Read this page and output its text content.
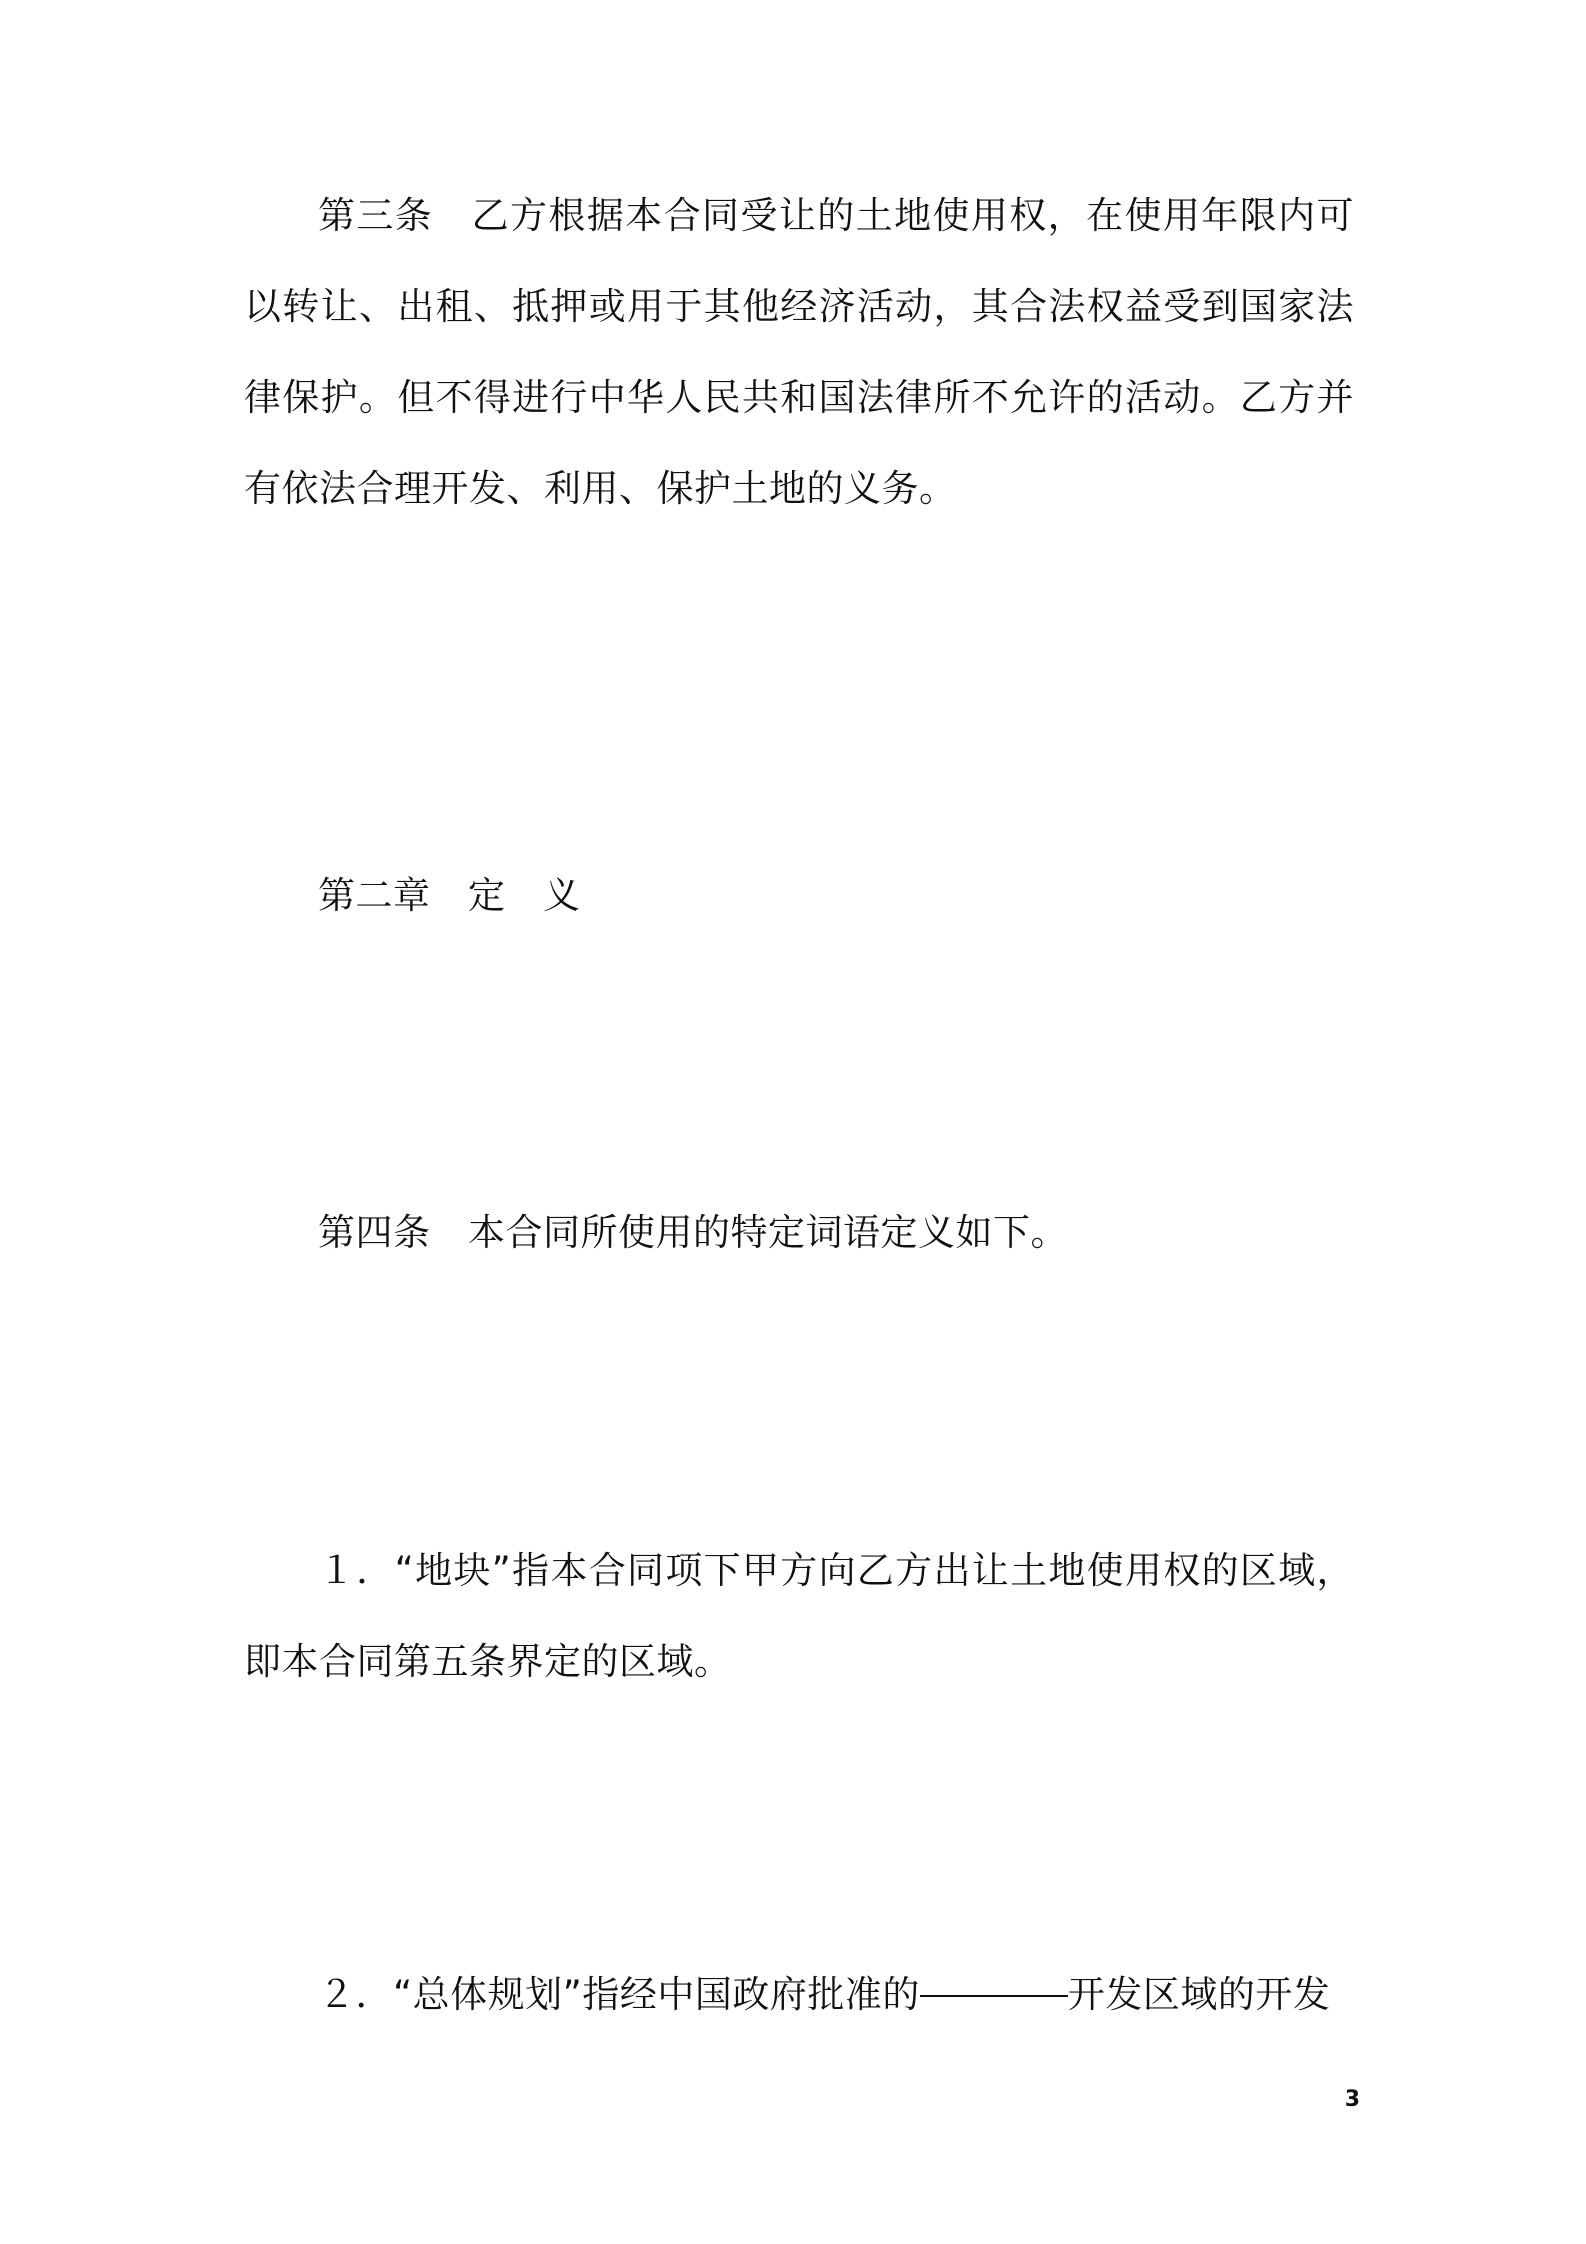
第三条　 乙方根据本合同受让的土地使用权，在使用年限内可以转让、出租、抵押或用于其他经济活动，其合法权益受到国家法律保护。但不得进行中华人民共和国法律所不允许的活动。乙方并有依法合理开发、利用、保护土地的义务。

第二章　 定　义

第四条　 本合同所使用的特定词语定义如下。

１．“地块”指本合同项下甲方向乙方出让土地使用权的区域，即本合同第五条界定的区域。

２．“总体规划”指经中国政府批准的	开发区域的开发

3
